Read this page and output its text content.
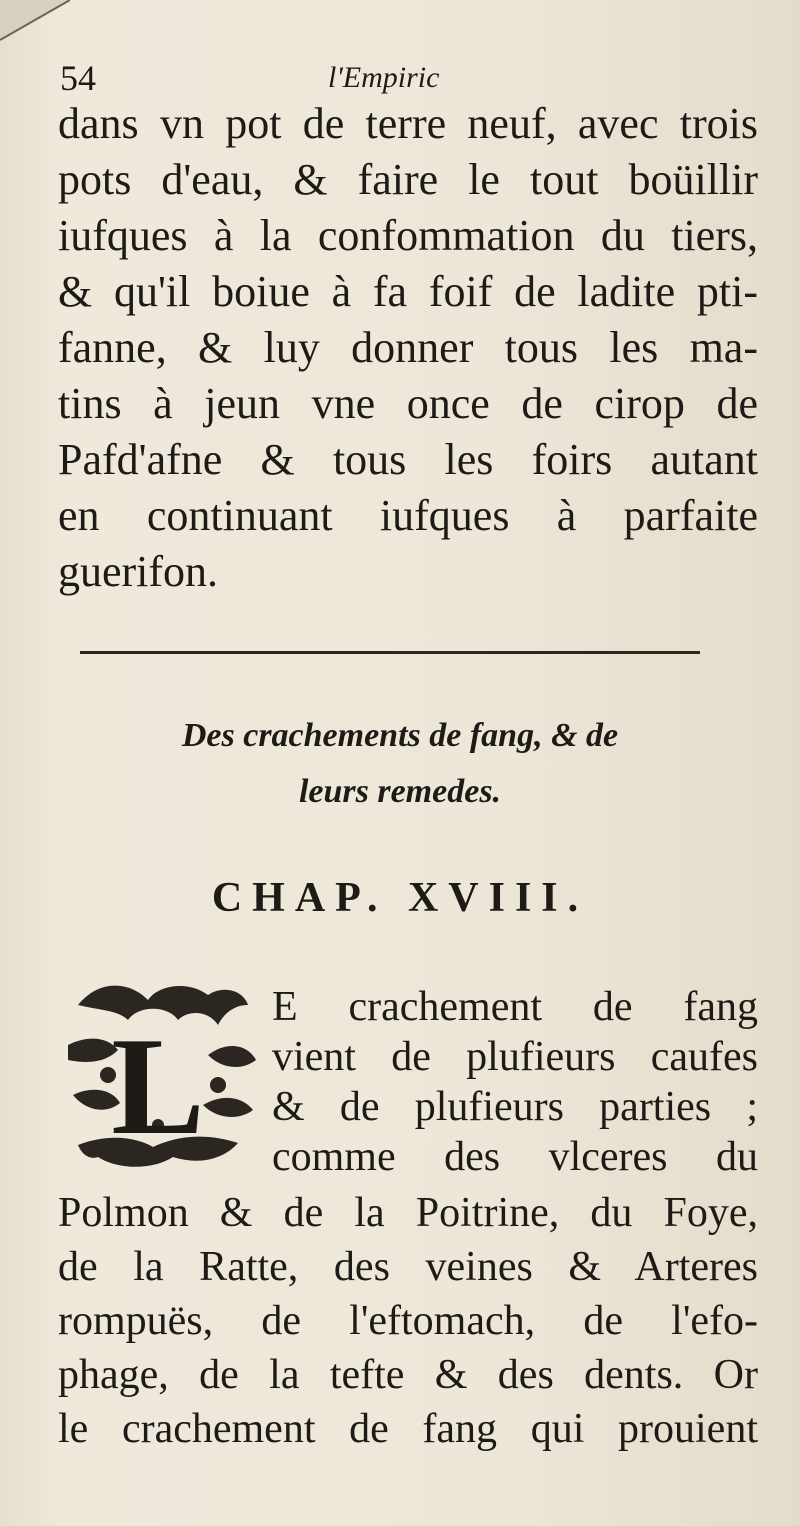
54	l'Empiric

dans vn pot de terre neuf, avec trois
pots d'eau, & faire le tout boüillir
iufques à la confommation du tiers,
& qu'il boiue à fa foif de ladite pti-
fanne, & luy donner tous les ma-
tins à jeun vne once de cirop de
Pafd'afne & tous les foirs autant
en continuant iufques à parfaite
guerifon.

Des crachements de fang, & de
leurs remedes.
CHAP. XVIII.
L

E crachement de fang
vient de plufieurs caufes
& de plufieurs parties ;
comme des vlceres du

Polmon & de la Poitrine, du Foye,
de la Ratte, des veines & Arteres
rompuës, de l'eftomach, de l'efo-
phage, de la tefte & des dents. Or
le crachement de fang qui prouient
